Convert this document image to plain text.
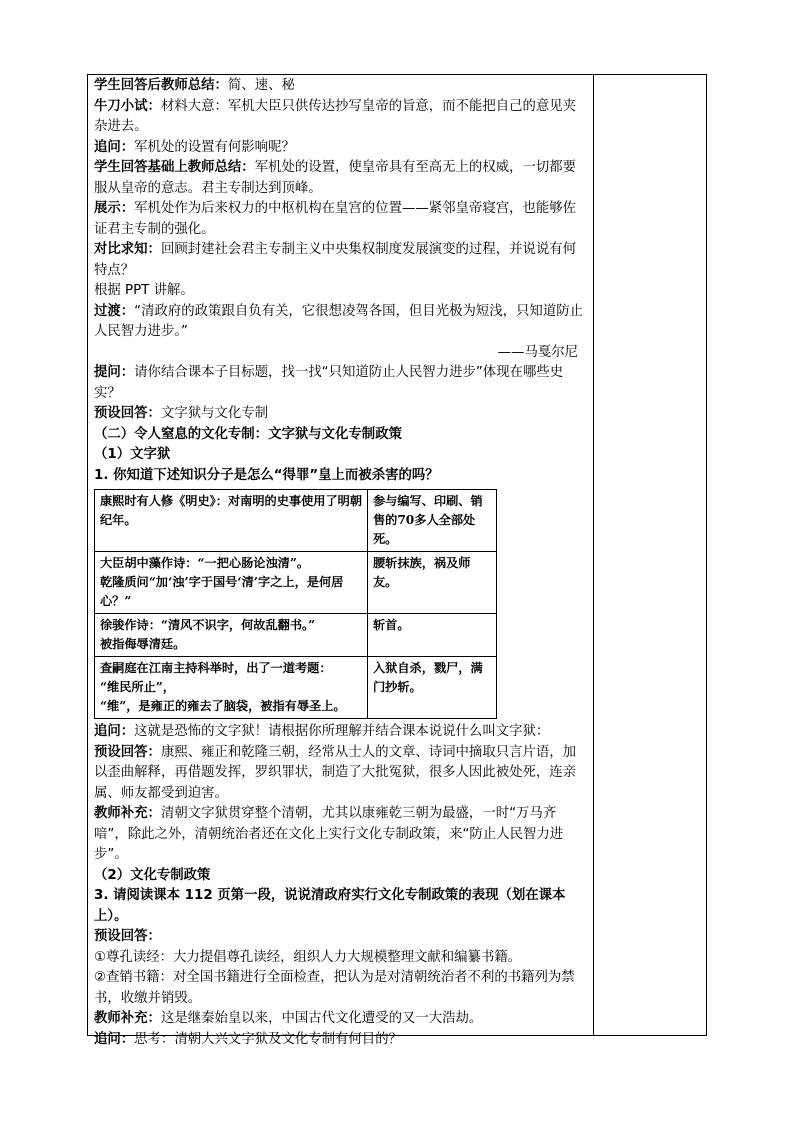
学生回答后教师总结：简、速、秘

牛刀小试：材料大意：军机大臣只供传达抄写皇帝的旨意，而不能把自己的意见夹杂进去。

追问：军机处的设置有何影响呢？

学生回答基础上教师总结：军机处的设置，使皇帝具有至高无上的权威，一切都要服从皇帝的意志。君主专制达到顶峰。

展示：军机处作为后来权力的中枢机构在皇宫的位置——紧邻皇帝寝宫，也能够佐证君主专制的强化。

对比求知：回顾封建社会君主专制主义中央集权制度发展演变的过程，并说说有何特点？

根据 PPT 讲解。

过渡：“清政府的政策跟自负有关，它很想凌驾各国，但目光极为短浅，只知道防止人民智力进步。”

——马戛尔尼

提问：请你结合课本子目标题，找一找“只知道防止人民智力进步”体现在哪些史实？

预设回答：文字狱与文化专制

（二）令人窒息的文化专制：文字狱与文化专制政策

（1）文字狱

1. 你知道下述知识分子是怎么“得罪”皇上而被杀害的吗？

康熙时有人修《明史》：对南明的史事使用了明朝纪年。	参与编写、印刷、销售的70多人全部处死。

大臣胡中藻作诗：“一把心肠论浊清”。
乾隆质问“加‘浊’字于国号‘清’字之上，是何居心？”	腰斩抹族，祸及师友。

徐骏作诗：“清风不识字，何故乱翻书。”
被指侮辱清廷。	斩首。

查嗣庭在江南主持科举时，出了一道考题：
“维民所止”，
“维”，是雍正的雍去了脑袋，被指有辱圣上。	入狱自杀，戮尸，满门抄斩。

追问：这就是恐怖的文字狱！请根据你所理解并结合课本说说什么叫文字狱：

预设回答：康熙、雍正和乾隆三朝，经常从士人的文章、诗词中摘取只言片语，加以歪曲解释，再借题发挥，罗织罪状，制造了大批冤狱，很多人因此被处死，连亲属、师友都受到迫害。

教师补充：清朝文字狱贯穿整个清朝，尤其以康雍乾三朝为最盛，一时“万马齐喑”，除此之外，清朝统治者还在文化上实行文化专制政策，来“防止人民智力进步”。

（2）文化专制政策

3. 请阅读课本 112 页第一段，说说清政府实行文化专制政策的表现（划在课本上）。

预设回答：

①尊孔读经：大力提倡尊孔读经，组织人力大规模整理文献和编纂书籍。

②查销书籍：对全国书籍进行全面检查，把认为是对清朝统治者不利的书籍列为禁书，收缴并销毁。

教师补充：这是继秦始皇以来，中国古代文化遭受的又一大浩劫。

追问：思考：清朝大兴文字狱及文化专制有何目的？
